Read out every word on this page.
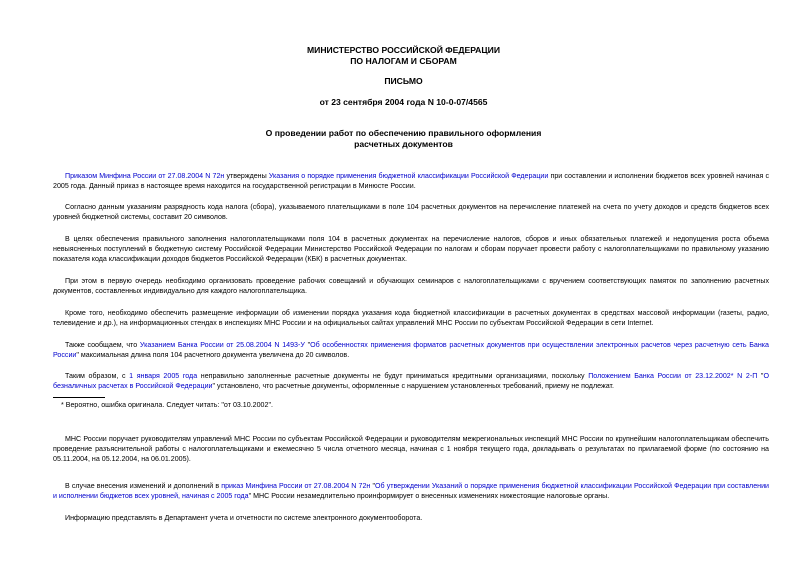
МИНИСТЕРСТВО РОССИЙСКОЙ ФЕДЕРАЦИИ
ПО НАЛОГАМ И СБОРАМ
ПИСЬМО
от 23 сентября 2004 года N 10-0-07/4565
О проведении работ по обеспечению правильного оформления
расчетных документов
Приказом Минфина России от 27.08.2004 N 72н утверждены Указания о порядке применения бюджетной классификации Российской Федерации при составлении и исполнении бюджетов всех уровней начиная с 2005 года. Данный приказ в настоящее время находится на государственной регистрации в Минюсте России.
Согласно данным указаниям разрядность кода налога (сбора), указываемого плательщиками в поле 104 расчетных документов на перечисление платежей на счета по учету доходов и средств бюджетов всех уровней бюджетной системы, составит 20 символов.
В целях обеспечения правильного заполнения налогоплательщиками поля 104 в расчетных документах на перечисление налогов, сборов и иных обязательных платежей и недопущения роста объема невыясненных поступлений в бюджетную систему Российской Федерации Министерство Российской Федерации по налогам и сборам поручает провести работу с налогоплательщиками по правильному указанию показателя кода классификации доходов бюджетов Российской Федерации (КБК) в расчетных документах.
При этом в первую очередь необходимо организовать проведение рабочих совещаний и обучающих семинаров с налогоплательщиками с вручением соответствующих памяток по заполнению расчетных документов, составленных индивидуально для каждого налогоплательщика.
Кроме того, необходимо обеспечить размещение информации об изменении порядка указания кода бюджетной классификации в расчетных документах в средствах массовой информации (газеты, радио, телевидение и др.), на информационных стендах в инспекциях МНС России и на официальных сайтах управлений МНС России по субъектам Российской Федерации в сети Internet.
Также сообщаем, что Указанием Банка России от 25.08.2004 N 1493-У "Об особенностях применения форматов расчетных документов при осуществлении электронных расчетов через расчетную сеть Банка России" максимальная длина поля 104 расчетного документа увеличена до 20 символов.
Таким образом, с 1 января 2005 года неправильно заполненные расчетные документы не будут приниматься кредитными организациями, поскольку Положением Банка России от 23.12.2002* N 2-П "О безналичных расчетах в Российской Федерации" установлено, что расчетные документы, оформленные с нарушением установленных требований, приему не подлежат.
* Вероятно, ошибка оригинала. Следует читать: "от 03.10.2002".
МНС России поручает руководителям управлений МНС России по субъектам Российской Федерации и руководителям межрегиональных инспекций МНС России по крупнейшим налогоплательщикам обеспечить проведение разъяснительной работы с налогоплательщиками и ежемесячно 5 числа отчетного месяца, начиная с 1 ноября текущего года, докладывать о результатах по прилагаемой форме (по состоянию на 05.11.2004, на 05.12.2004, на 06.01.2005).
В случае внесения изменений и дополнений в приказ Минфина России от 27.08.2004 N 72н "Об утверждении Указаний о порядке применения бюджетной классификации Российской Федерации при составлении и исполнении бюджетов всех уровней, начиная с 2005 года" МНС России незамедлительно проинформирует о внесенных изменениях нижестоящие налоговые органы.
Информацию представлять в Департамент учета и отчетности по системе электронного документооборота.
